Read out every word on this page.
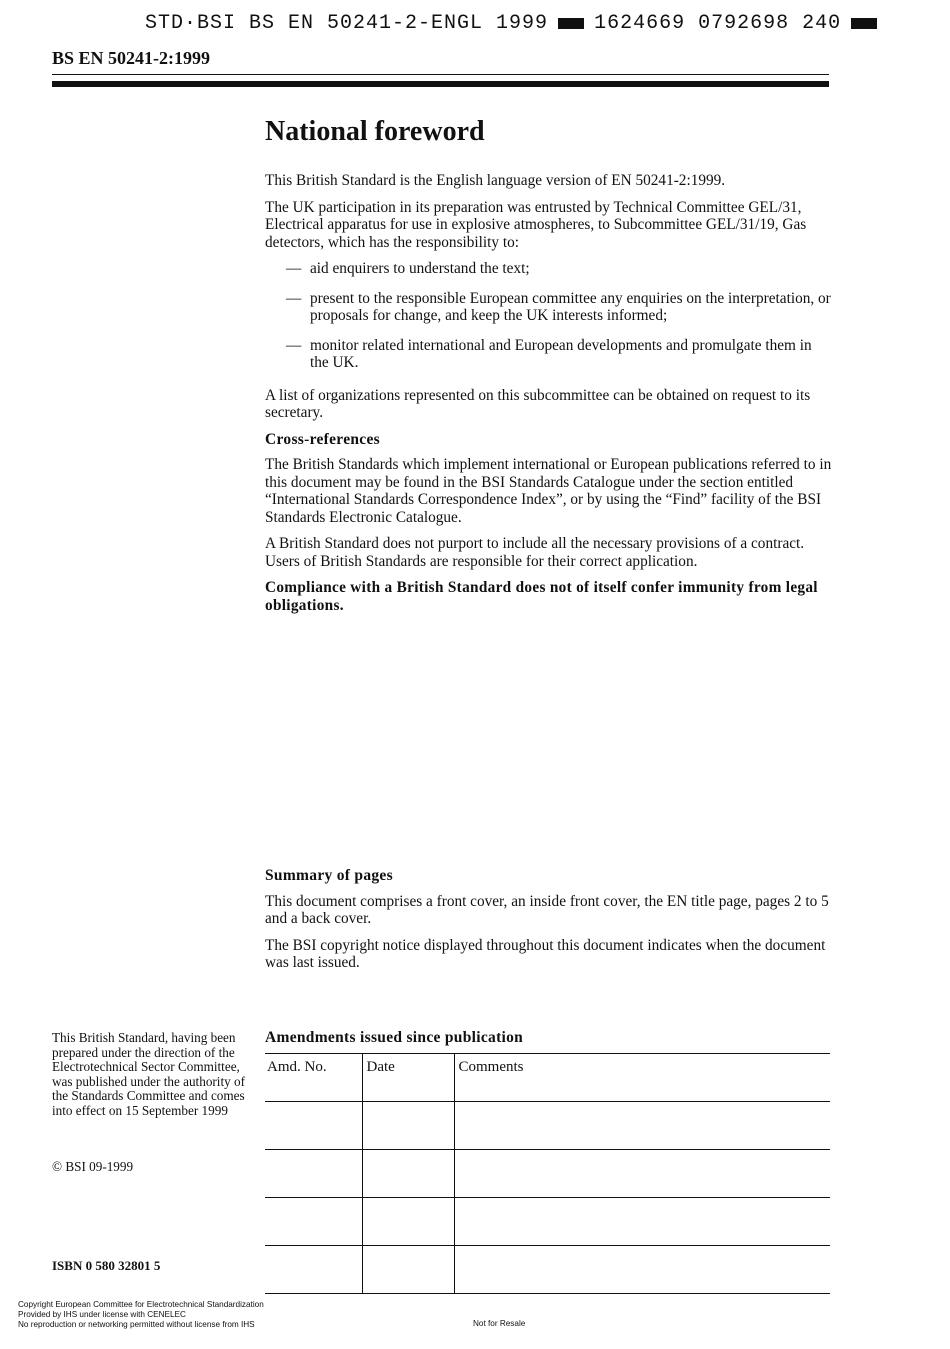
STD·BSI BS EN 50241-2-ENGL 1999 1624669 0792698 240
BS EN 50241-2:1999
National foreword

This British Standard is the English language version of EN 50241-2:1999.

The UK participation in its preparation was entrusted by Technical Committee GEL/31, Electrical apparatus for use in explosive atmospheres, to Subcommittee GEL/31/19, Gas detectors, which has the responsibility to:

— aid enquirers to understand the text;
— present to the responsible European committee any enquiries on the interpretation, or proposals for change, and keep the UK interests informed;
— monitor related international and European developments and promulgate them in the UK.

A list of organizations represented on this subcommittee can be obtained on request to its secretary.

Cross-references

The British Standards which implement international or European publications referred to in this document may be found in the BSI Standards Catalogue under the section entitled “International Standards Correspondence Index”, or by using the “Find” facility of the BSI Standards Electronic Catalogue.

A British Standard does not purport to include all the necessary provisions of a contract. Users of British Standards are responsible for their correct application.

Compliance with a British Standard does not of itself confer immunity from legal obligations.

Summary of pages

This document comprises a front cover, an inside front cover, the EN title page, pages 2 to 5 and a back cover.

The BSI copyright notice displayed throughout this document indicates when the document was last issued.

This British Standard, having been prepared under the direction of the Electrotechnical Sector Committee, was published under the authority of the Standards Committee and comes into effect on 15 September 1999
© BSI 09-1999
ISBN 0 580 32801 5
Amendments issued since publication
Amd. No.	Date	Comments

Copyright European Committee for Electrotechnical Standardization
Provided by IHS under license with CENELEC
No reproduction or networking permitted without license from IHS	Not for Resale
